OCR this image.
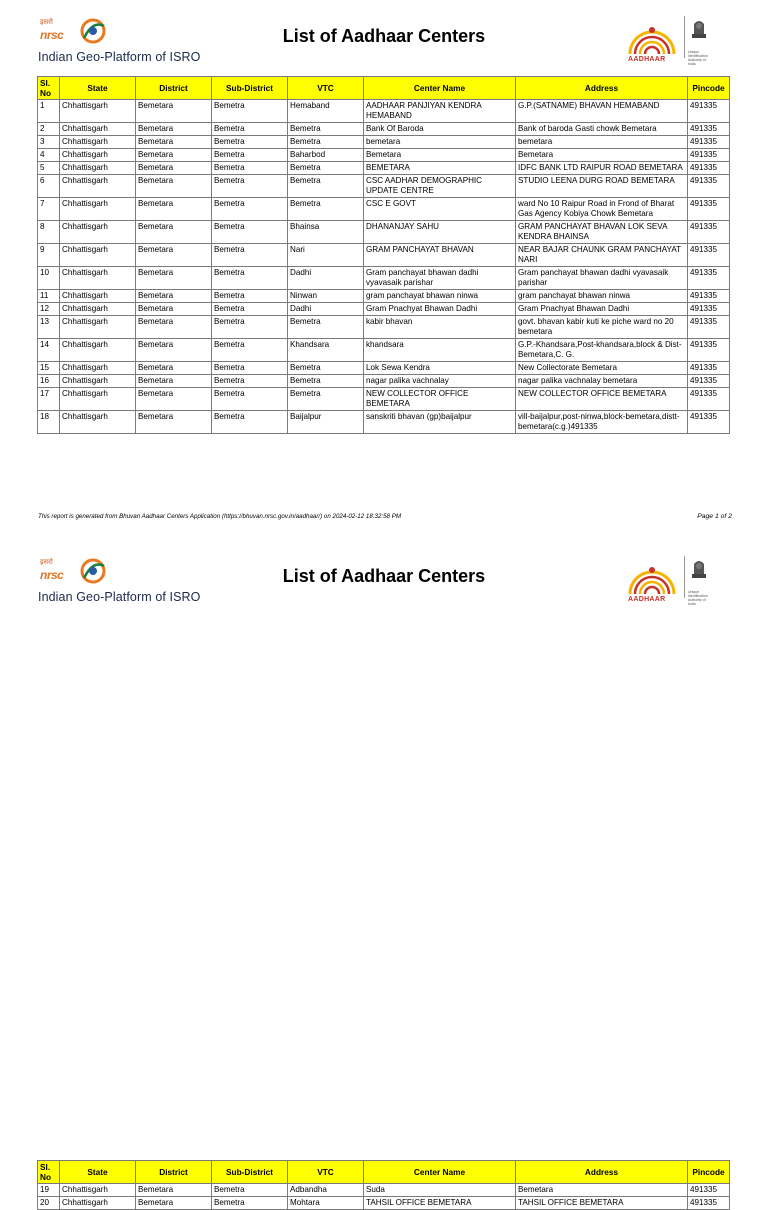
इसरो
nrsc
Indian Geo-Platform of ISRO
List of Aadhaar Centers
AADHAAR
Unique Identification Authority of India
Sl. No	State	District	Sub-District	VTC	Center Name	Address	Pincode
1	Chhattisgarh	Bemetara	Bemetra	Hemaband	AADHAAR PANJIYAN KENDRA HEMABAND	G.P.(SATNAME) BHAVAN HEMABAND	491335
2	Chhattisgarh	Bemetara	Bemetra	Bemetra	Bank Of Baroda	Bank of baroda Gasti chowk Bemetara	491335
3	Chhattisgarh	Bemetara	Bemetra	Bemetra	bemetara	bemetara	491335
4	Chhattisgarh	Bemetara	Bemetra	Baharbod	Bemetara	Bemetara	491335
5	Chhattisgarh	Bemetara	Bemetra	Bemetra	BEMETARA	IDFC BANK LTD RAIPUR ROAD BEMETARA	491335
6	Chhattisgarh	Bemetara	Bemetra	Bemetra	CSC AADHAR DEMOGRAPHIC UPDATE CENTRE	STUDIO LEENA DURG ROAD BEMETARA	491335
7	Chhattisgarh	Bemetara	Bemetra	Bemetra	CSC E GOVT	ward No 10 Raipur Road in Frond of Bharat Gas Agency Kobiya Chowk Bemetara	491335
8	Chhattisgarh	Bemetara	Bemetra	Bhainsa	DHANANJAY SAHU	GRAM PANCHAYAT BHAVAN LOK SEVA KENDRA BHAINSA	491335
9	Chhattisgarh	Bemetara	Bemetra	Nari	GRAM PANCHAYAT BHAVAN	NEAR BAJAR CHAUNK GRAM PANCHAYAT NARI	491335
10	Chhattisgarh	Bemetara	Bemetra	Dadhi	Gram panchayat bhawan dadhi vyavasaik parishar	Gram panchayat bhawan dadhi vyavasaik parishar	491335
11	Chhattisgarh	Bemetara	Bemetra	Ninwan	gram panchayat bhawan ninwa	gram panchayat bhawan ninwa	491335
12	Chhattisgarh	Bemetara	Bemetra	Dadhi	Gram Pnachyat Bhawan Dadhi	Gram Pnachyat Bhawan Dadhi	491335
13	Chhattisgarh	Bemetara	Bemetra	Bemetra	kabir bhavan	govt. bhavan kabir kuti ke piche ward no 20 bemetara	491335
14	Chhattisgarh	Bemetara	Bemetra	Khandsara	khandsara	G.P.-Khandsara,Post-khandsara,block & Dist-Bemetara,C. G.	491335
15	Chhattisgarh	Bemetara	Bemetra	Bemetra	Lok Sewa Kendra	New Collectorate Bemetara	491335
16	Chhattisgarh	Bemetara	Bemetra	Bemetra	nagar palika vachnalay	nagar palika vachnalay bemetara	491335
17	Chhattisgarh	Bemetara	Bemetra	Bemetra	NEW COLLECTOR OFFICE BEMETARA	NEW COLLECTOR OFFICE BEMETARA	491335
18	Chhattisgarh	Bemetara	Bemetra	Baijalpur	sanskriti bhavan (gp)baijalpur	vill-baijalpur,post-ninwa,block-bemetara,distt-bemetara(c.g.)491335	491335
This report is generated from Bhuvan Aadhaar Centers Application (https://bhuvan.nrsc.gov.in/aadhaar/) on 2024-02-12 18:32:58 PM	Page 1 of 2
इसरो
nrsc
Indian Geo-Platform of ISRO
List of Aadhaar Centers
AADHAAR
Unique Identification Authority of India
Sl. No	State	District	Sub-District	VTC	Center Name	Address	Pincode
19	Chhattisgarh	Bemetara	Bemetra	Adbandha	Suda	Bemetara	491335
20	Chhattisgarh	Bemetara	Bemetra	Mohtara	TAHSIL OFFICE BEMETARA	TAHSIL OFFICE BEMETARA	491335
